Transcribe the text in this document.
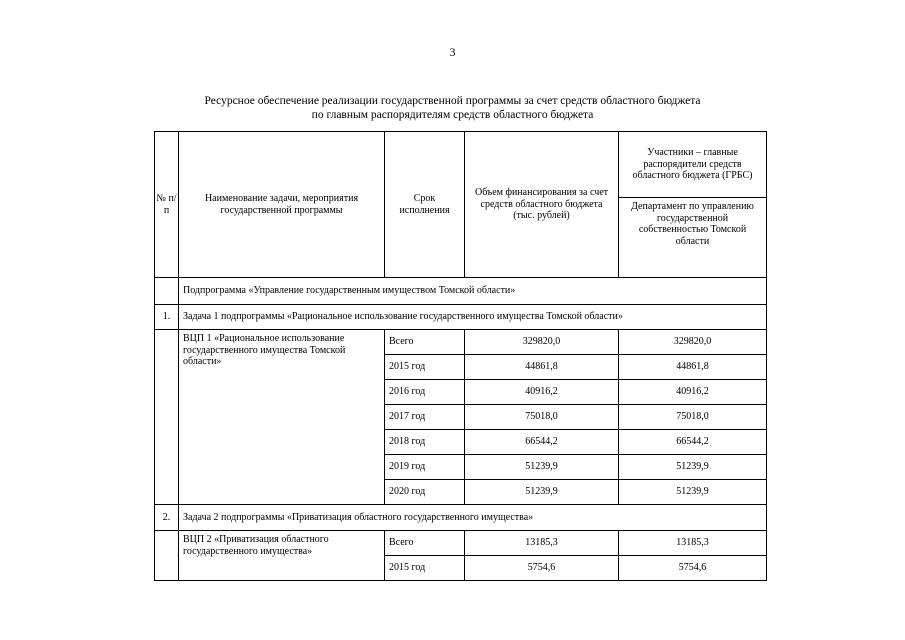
3
Ресурсное обеспечение реализации государственной программы за счет средств областного бюджета
по главным распорядителям средств областного бюджета
№ п/п	Наименование задачи, мероприятия государственной программы	Срок исполнения	Объем финансирования за счет средств областного бюджета (тыс. рублей)	Участники – главные распорядители средств областного бюджета (ГРБС)
				Департамент по управлению государственной собственностью Томской области
	Подпрограмма «Управление государственным имуществом Томской области»			
1.	Задача 1 подпрограммы «Рациональное использование государственного имущества Томской области»			
	ВЦП 1 «Рациональное использование государственного имущества Томской области»	Всего	329820,0	329820,0
		2015 год	44861,8	44861,8
		2016 год	40916,2	40916,2
		2017 год	75018,0	75018,0
		2018 год	66544,2	66544,2
		2019 год	51239,9	51239,9
		2020 год	51239,9	51239,9
2.	Задача 2 подпрограммы «Приватизация областного государственного имущества»			
	ВЦП 2 «Приватизация областного государственного имущества»	Всего	13185,3	13185,3
		2015 год	5754,6	5754,6
